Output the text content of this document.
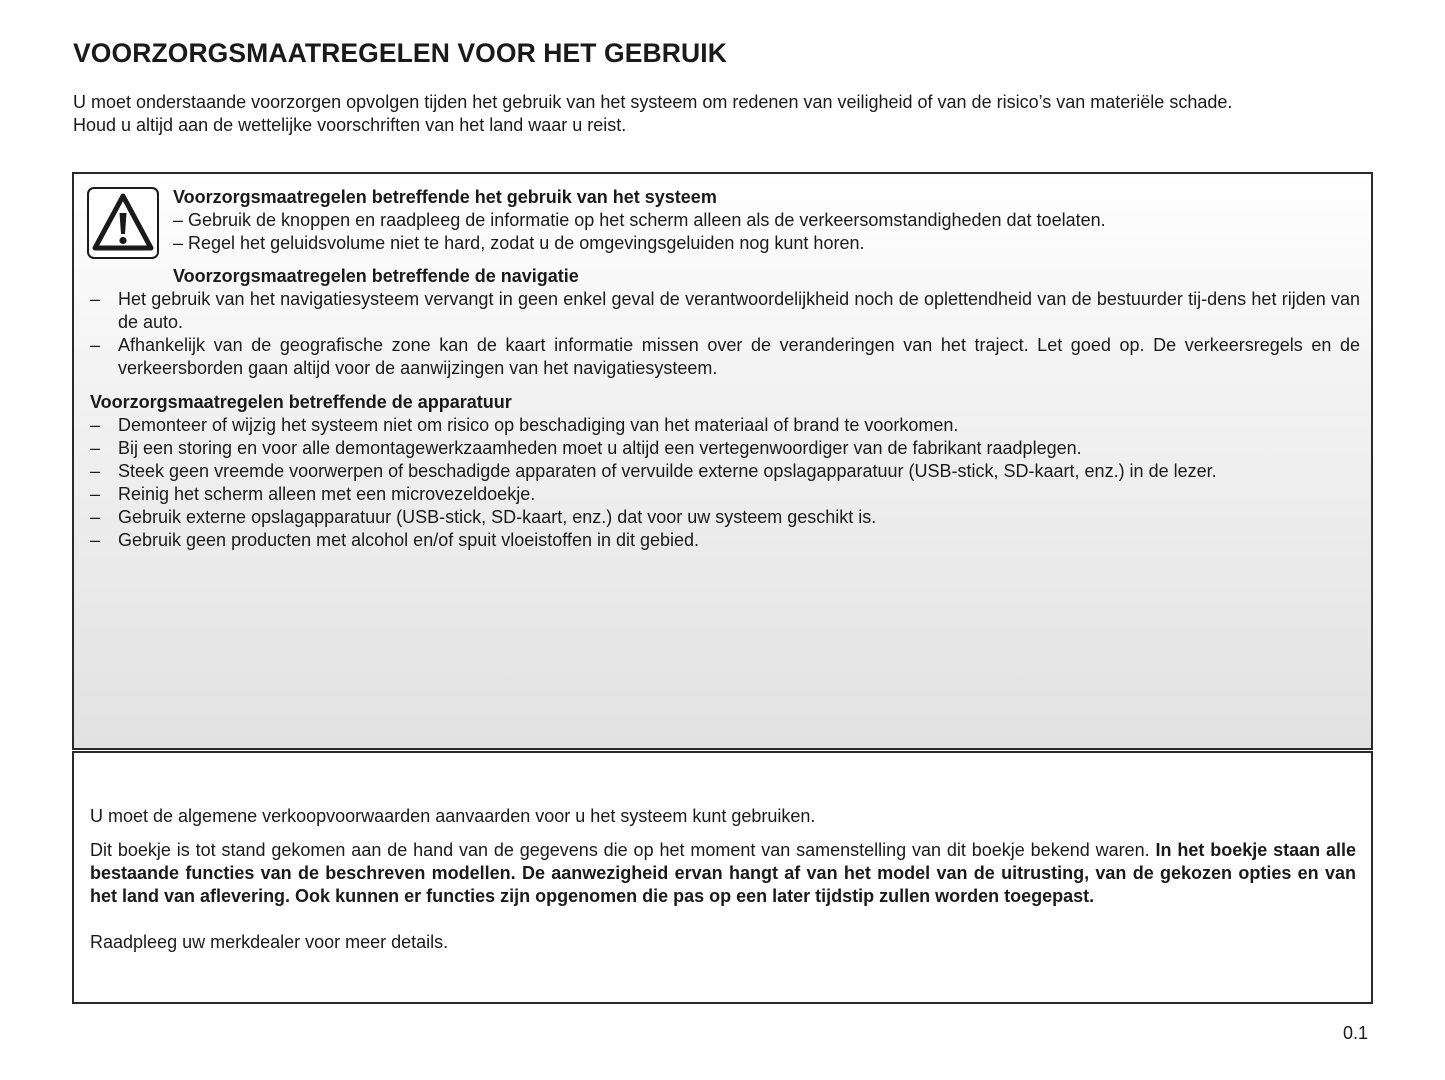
VOORZORGSMAATREGELEN VOOR HET GEBRUIK

U moet onderstaande voorzorgen opvolgen tijden het gebruik van het systeem om redenen van veiligheid of van de risico’s van materiële schade.

Houd u altijd aan de wettelijke voorschriften van het land waar u reist.

Voorzorgsmaatregelen betreffende het gebruik van het systeem
– Gebruik de knoppen en raadpleeg de informatie op het scherm alleen als de verkeersomstandigheden dat toelaten.
– Regel het geluidsvolume niet te hard, zodat u de omgevingsgeluiden nog kunt horen.
Voorzorgsmaatregelen betreffende de navigatie
– Het gebruik van het navigatiesysteem vervangt in geen enkel geval de verantwoordelijkheid noch de oplettendheid van de bestuurder tij-dens het rijden van de auto.
– Afhankelijk van de geografische zone kan de kaart informatie missen over de veranderingen van het traject. Let goed op. De verkeersregels en de verkeersborden gaan altijd voor de aanwijzingen van het navigatiesysteem.
Voorzorgsmaatregelen betreffende de apparatuur
– Demonteer of wijzig het systeem niet om risico op beschadiging van het materiaal of brand te voorkomen.
– Bij een storing en voor alle demontagewerkzaamheden moet u altijd een vertegenwoordiger van de fabrikant raadplegen.
– Steek geen vreemde voorwerpen of beschadigde apparaten of vervuilde externe opslagapparatuur (USB-stick, SD-kaart, enz.) in de lezer.
– Reinig het scherm alleen met een microvezeldoekje.
– Gebruik externe opslagapparatuur (USB-stick, SD-kaart, enz.) dat voor uw systeem geschikt is.
– Gebruik geen producten met alcohol en/of spuit vloeistoffen in dit gebied.

U moet de algemene verkoopvoorwaarden aanvaarden voor u het systeem kunt gebruiken.

Dit boekje is tot stand gekomen aan de hand van de gegevens die op het moment van samenstelling van dit boekje bekend waren. In het boekje staan alle bestaande functies van de beschreven modellen. De aanwezigheid ervan hangt af van het model van de uitrusting, van de gekozen opties en van het land van aflevering. Ook kunnen er functies zijn opgenomen die pas op een later tijdstip zullen worden toegepast.

Raadpleeg uw merkdealer voor meer details.

0.1
